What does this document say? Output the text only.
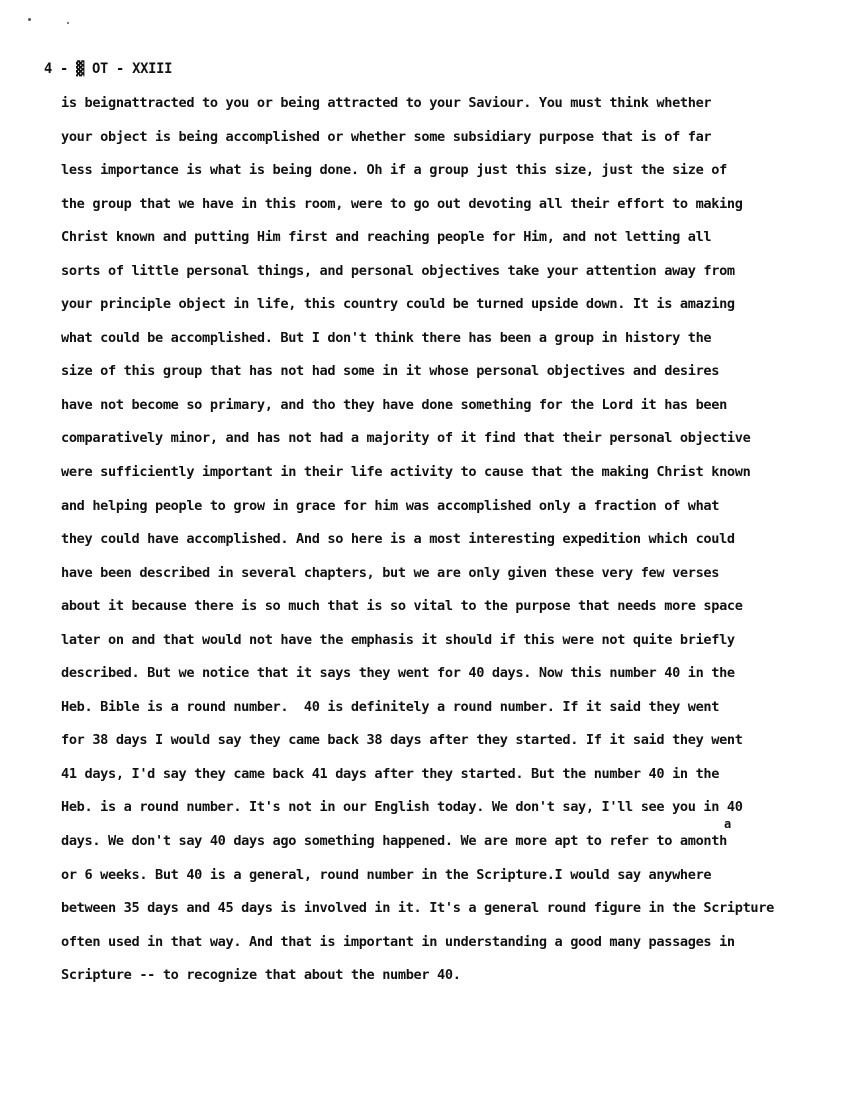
4 - ▓ OT - XXIII
is beignattracted to you or being attracted to your Saviour. You must think whether
your object is being accomplished or whether some subsidiary purpose that is of far
less importance is what is being done. Oh if a group just this size, just the size of
the group that we have in this room, were to go out devoting all their effort to making
Christ known and putting Him first and reaching people for Him, and not letting all
sorts of little personal things, and personal objectives take your attention away from
your principle object in life, this country could be turned upside down. It is amazing
what could be accomplished. But I don't think there has been a group in history the
size of this group that has not had some in it whose personal objectives and desires
have not become so primary, and tho they have done something for the Lord it has been
comparatively minor, and has not had a majority of it find that their personal objective
were sufficiently important in their life activity to cause that the making Christ known
and helping people to grow in grace for him was accomplished only a fraction of what
they could have accomplished. And so here is a most interesting expedition which could
have been described in several chapters, but we are only given these very few verses
about it because there is so much that is so vital to the purpose that needs more space
later on and that would not have the emphasis it should if this were not quite briefly
described. But we notice that it says they went for 40 days. Now this number 40 in the
Heb. Bible is a round number.  40 is definitely a round number. If it said they went
for 38 days I would say they came back 38 days after they started. If it said they went
41 days, I'd say they came back 41 days after they started. But the number 40 in the
Heb. is a round number. It's not in our English today. We don't say, I'll see you in 40
days. We don't say 40 days ago something happened. We are more apt to refer to amonth
or 6 weeks. But 40 is a general, round number in the Scripture.I would say anywhere
between 35 days and 45 days is involved in it. It's a general round figure in the Scripture
often used in that way. And that is important in understanding a good many passages in
Scripture -- to recognize that about the number 40.
a
